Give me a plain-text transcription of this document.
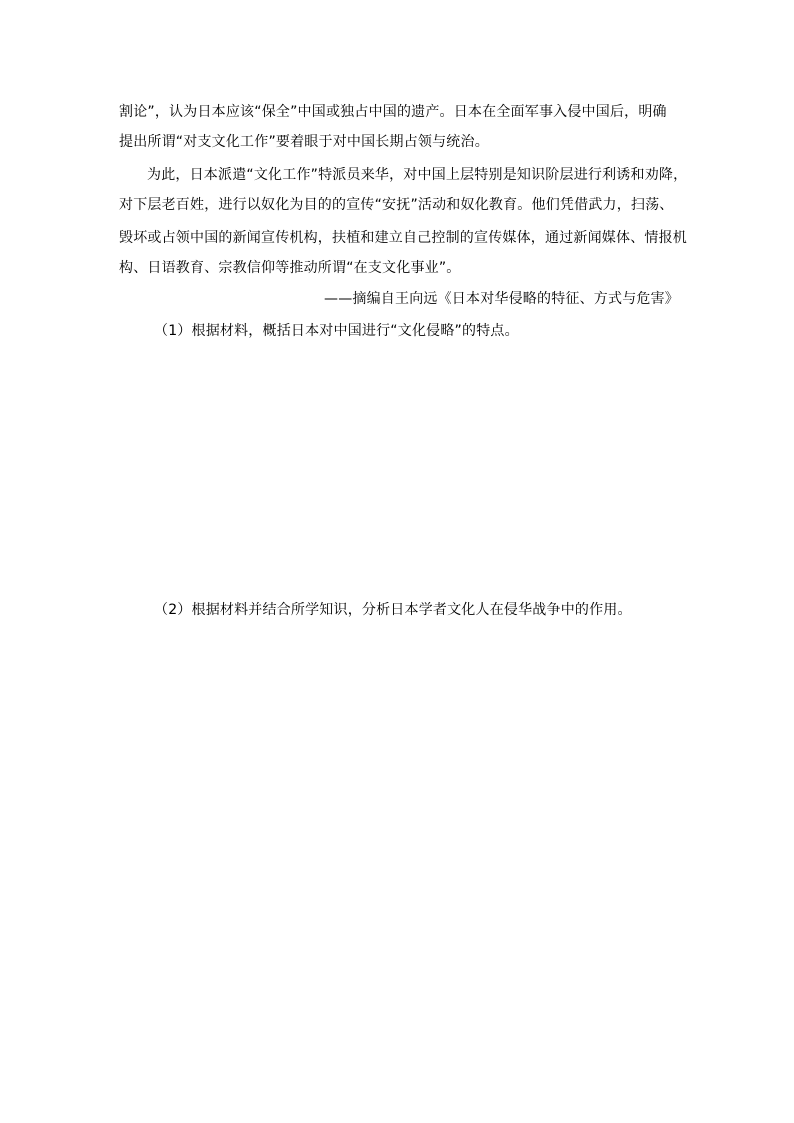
割论”，认为日本应该“保全”中国或独占中国的遗产。日本在全面军事入侵中国后，明确
提出所谓“对支文化工作”要着眼于对中国长期占领与统治。
为此，日本派遣“文化工作”特派员来华，对中国上层特别是知识阶层进行利诱和劝降，
对下层老百姓，进行以奴化为目的的宣传“安抚”活动和奴化教育。他们凭借武力，扫荡、
毁坏或占领中国的新闻宣传机构，扶植和建立自己控制的宣传媒体，通过新闻媒体、情报机
构、日语教育、宗教信仰等推动所谓“在支文化事业”。
——摘编自王向远《日本对华侵略的特征、方式与危害》
（1）根据材料，概括日本对中国进行“文化侵略”的特点。
（2）根据材料并结合所学知识，分析日本学者文化人在侵华战争中的作用。
